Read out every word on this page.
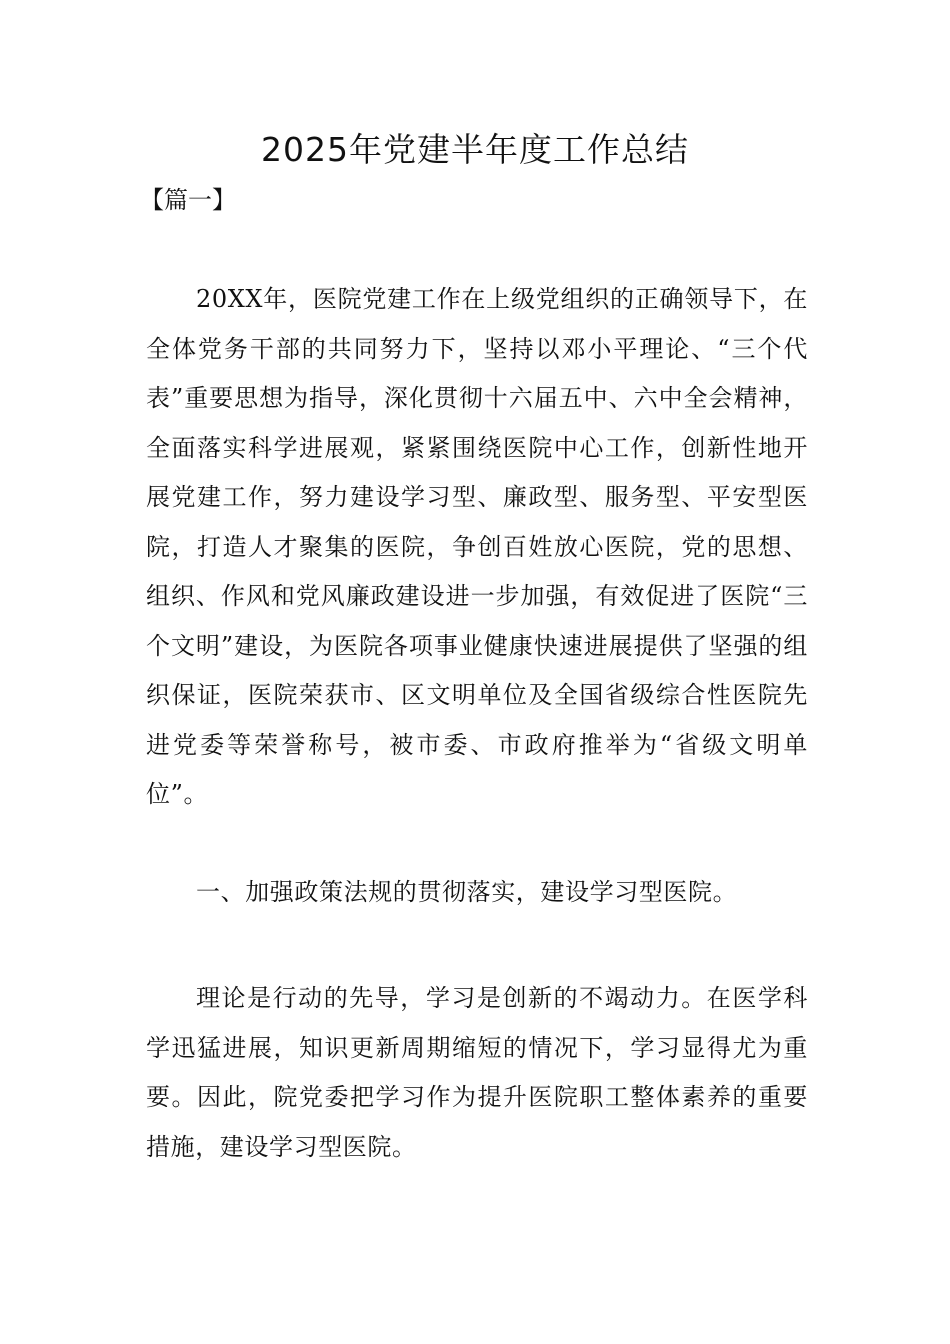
2025年党建半年度工作总结
【篇一】

20XX年，医院党建工作在上级党组织的正确领导下，在全体党务干部的共同努力下，坚持以邓小平理论、“三个代表”重要思想为指导，深化贯彻十六届五中、六中全会精神，全面落实科学进展观，紧紧围绕医院中心工作，创新性地开展党建工作，努力建设学习型、廉政型、服务型、平安型医院，打造人才聚集的医院，争创百姓放心医院，党的思想、组织、作风和党风廉政建设进一步加强，有效促进了医院“三个文明”建设，为医院各项事业健康快速进展提供了坚强的组织保证，医院荣获市、区文明单位及全国省级综合性医院先进党委等荣誉称号，被市委、市政府推举为“省级文明单位”。

一、加强政策法规的贯彻落实，建设学习型医院。

理论是行动的先导，学习是创新的不竭动力。在医学科学迅猛进展，知识更新周期缩短的情况下，学习显得尤为重要。因此，院党委把学习作为提升医院职工整体素养的重要措施，建设学习型医院。
